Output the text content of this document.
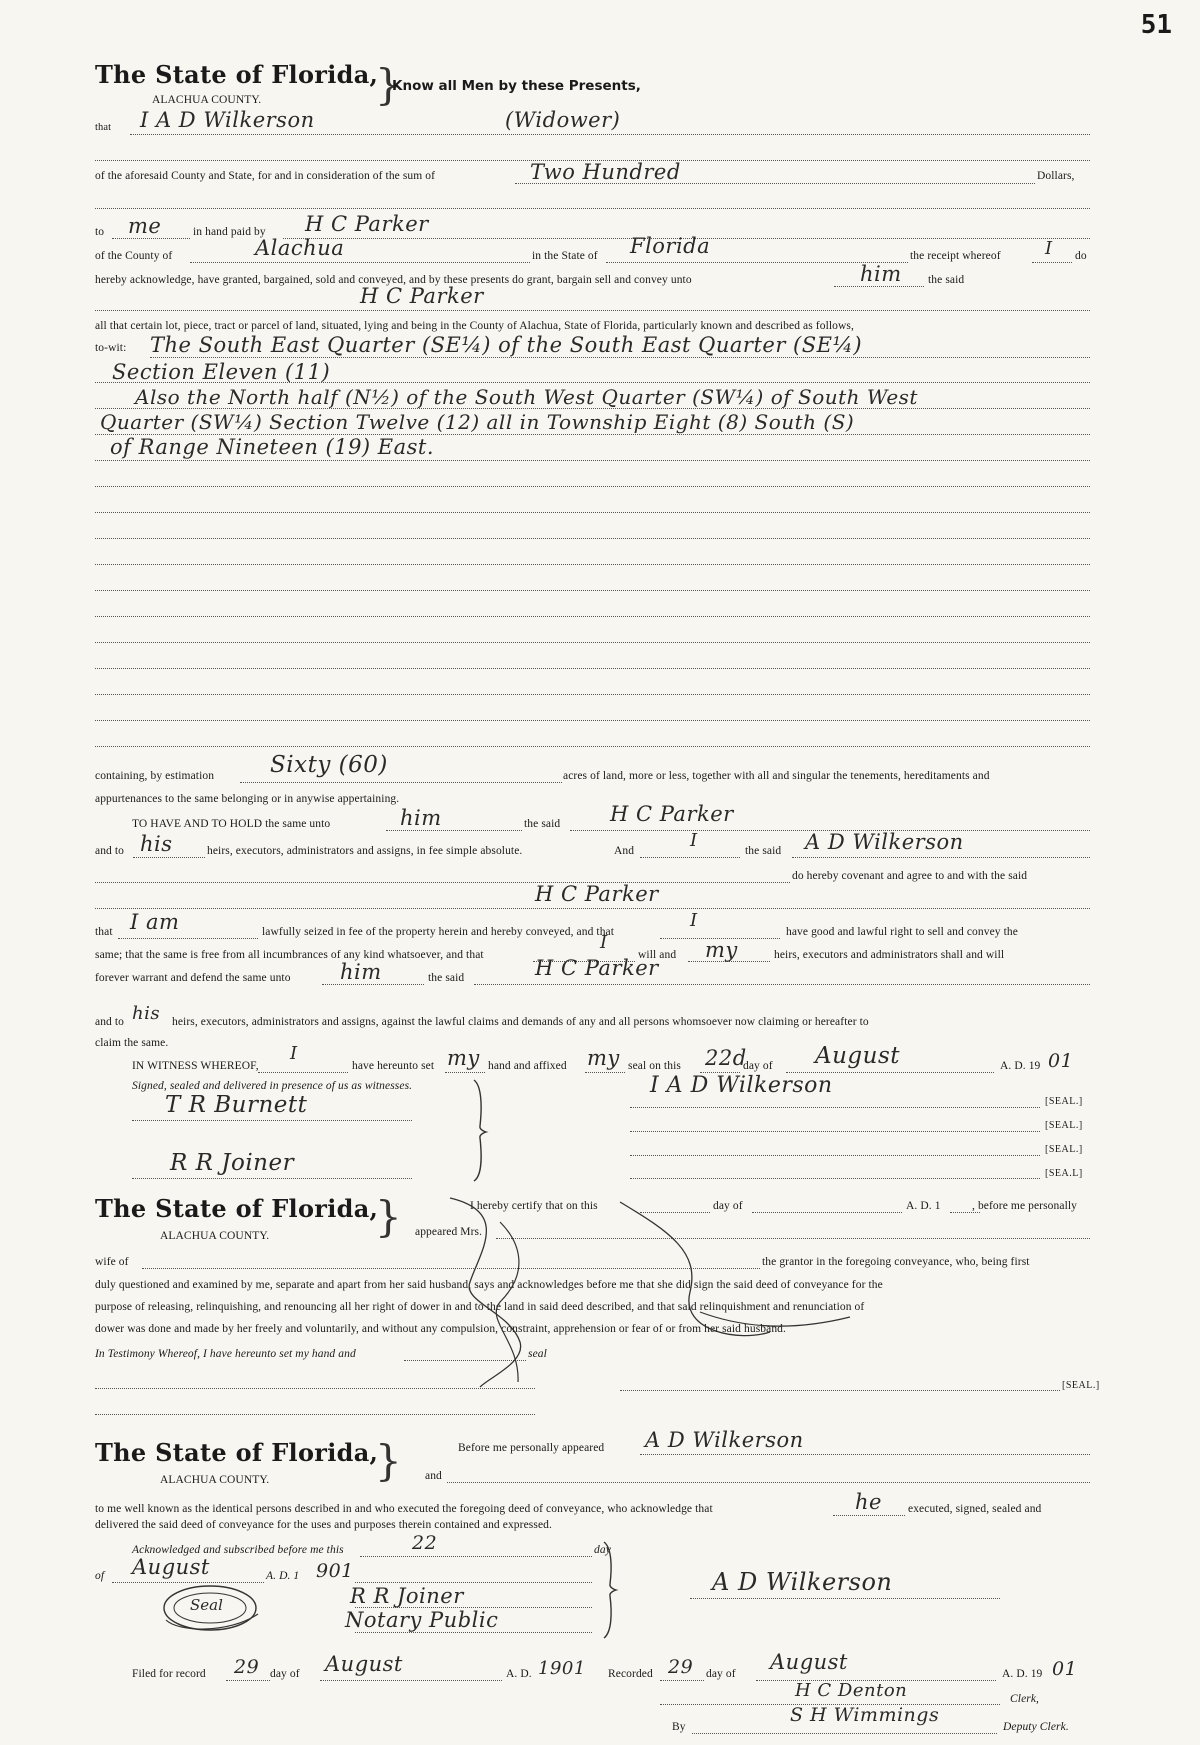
51
The State of Florida,
ALACHUA COUNTY.	}
Know all Men by these Presents,
that I A D Wilkerson	(Widower)
of the aforesaid County and State, for and in consideration of the sum of	Two Hundred	Dollars,
to me	in hand paid by H C Parker
of the County of	Alachua	in the State of Florida	the receipt whereof I do
hereby acknowledge, have granted, bargained, sold and conveyed, and by these presents do grant, bargain sell and convey unto	him the said
H C Parker
all that certain lot, piece, tract or parcel of land, situated, lying and being in the County of Alachua, State of Florida, particularly known and described as follows,
to-wit: The South East Quarter (SE¼) of the South East Quarter (SE¼)
Section Eleven (11)
Also the North half (N½) of the South West Quarter (SW¼) of South West
Quarter (SW¼) Section Twelve (12) all in Township Eight (8) South (S)
of Range Nineteen (19) East.
containing, by estimation Sixty (60)	acres of land, more or less, together with all and singular the tenements, hereditaments and
appurtenances to the same belonging or in anywise appertaining.
TO HAVE AND TO HOLD the same unto	him	the said H C Parker
and to his	heirs, executors, administrators and assigns, in fee simple absolute.	And	I	the said A D Wilkerson
do hereby covenant and agree to and with the said
H C Parker
that I am	lawfully seized in fee of the property herein and hereby conveyed, and that
I
have good and lawful right to sell and convey the
same; that the same is free from all incumbrances of any kind whatsoever, and that
I
will and my	heirs, executors and administrators shall and will
forever warrant and defend the same unto him	the said	H C Parker
and to his heirs, executors, administrators and assigns, against the lawful claims and demands of any and all persons whomsoever now claiming or hereafter to
claim the same.
IN WITNESS WHEREOF,
I
have hereunto set my hand and affixed my seal on this 22d
day of August	A. D. 19 01
Signed, sealed and delivered in presence of us as witnesses.	I A D Wilkerson
T R Burnett
R R Joiner
[SEAL.]
[SEAL.]
[SEAL.]
[SEA.L]
The State of Florida,
ALACHUA COUNTY.	}	I hereby certify that on this	day of	A. D. 1	, before me personally
appeared Mrs.
wife of	the grantor in the foregoing conveyance, who, being first
duly questioned and examined by me, separate and apart from her said husband, says and acknowledges before me that she did sign the said deed of conveyance for the
purpose of releasing, relinquishing, and renouncing all her right of dower in and to the land in said deed described, and that said relinquishment and renunciation of
dower was done and made by her freely and voluntarily, and without any compulsion, constraint, apprehension or fear of or from her said husband.
In Testimony Whereof, I have hereunto set my hand and	seal
[SEAL.]
The State of Florida,
ALACHUA COUNTY.	}	Before me personally appeared A D Wilkerson
and
to me well known as the identical persons described in and who executed the foregoing deed of conveyance, who acknowledge that	he executed, signed, sealed and
delivered the said deed of conveyance for the uses and purposes therein contained and expressed.
Acknowledged and subscribed before me this	22	day
of August	A. D. 1 901
R R Joiner
Notary Public
Seal
A D Wilkerson
Filed for record 29 day of August	A. D. 1901 Recorded 29 day of August	A. D. 19 01
H C Denton	Clerk,
By
S H Wimmings
Deputy Clerk.
